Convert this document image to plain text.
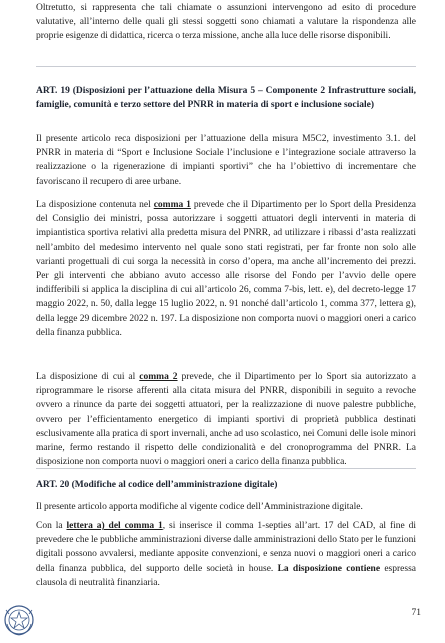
Oltretutto, si rappresenta che tali chiamate o assunzioni intervengono ad esito di procedure valutative, all’interno delle quali gli stessi soggetti sono chiamati a valutare la rispondenza alle proprie esigenze di didattica, ricerca o terza missione, anche alla luce delle risorse disponibili.

ART. 19 (Disposizioni per l’attuazione della Misura 5 – Componente 2 Infrastrutture sociali, famiglie, comunità e terzo settore del PNRR in materia di sport e inclusione sociale)

Il presente articolo reca disposizioni per l’attuazione della misura M5C2, investimento 3.1. del PNRR in materia di “Sport e Inclusione Sociale l’inclusione e l’integrazione sociale attraverso la realizzazione o la rigenerazione di impianti sportivi” che ha l’obiettivo di incrementare che favoriscano il recupero di aree urbane.

La disposizione contenuta nel comma 1 prevede che il Dipartimento per lo Sport della Presidenza del Consiglio dei ministri, possa autorizzare i soggetti attuatori degli interventi in materia di impiantistica sportiva relativi alla predetta misura del PNRR, ad utilizzare i ribassi d’asta realizzati nell’ambito del medesimo intervento nel quale sono stati registrati, per far fronte non solo alle varianti progettuali di cui sorga la necessità in corso d’opera, ma anche all’incremento dei prezzi. Per gli interventi che abbiano avuto accesso alle risorse del Fondo per l’avvio delle opere indifferibili si applica la disciplina di cui all’articolo 26, comma 7-bis, lett. e), del decreto-legge 17 maggio 2022, n. 50, dalla legge 15 luglio 2022, n. 91 nonché dall’articolo 1, comma 377, lettera g), della legge 29 dicembre 2022 n. 197. La disposizione non comporta nuovi o maggiori oneri a carico della finanza pubblica.

La disposizione di cui al comma 2 prevede, che il Dipartimento per lo Sport sia autorizzato a riprogrammare le risorse afferenti alla citata misura del PNRR, disponibili in seguito a revoche ovvero a rinunce da parte dei soggetti attuatori, per la realizzazione di nuove palestre pubbliche, ovvero per l’efficientamento energetico di impianti sportivi di proprietà pubblica destinati esclusivamente alla pratica di sport invernali, anche ad uso scolastico, nei Comuni delle isole minori marine, fermo restando il rispetto delle condizionalità e del cronoprogramma del PNRR. La disposizione non comporta nuovi o maggiori oneri a carico della finanza pubblica.

ART. 20 (Modifiche al codice dell’amministrazione digitale)

Il presente articolo apporta modifiche al vigente codice dell’Amministrazione digitale.

Con la lettera a) del comma 1, si inserisce il comma 1-septies all’art. 17 del CAD, al fine di prevedere che le pubbliche amministrazioni diverse dalle amministrazioni dello Stato per le funzioni digitali possono avvalersi, mediante apposite convenzioni, e senza nuovi o maggiori oneri a carico della finanza pubblica, del supporto delle società in house. La disposizione contiene espressa clausola di neutralità finanziaria.

71
